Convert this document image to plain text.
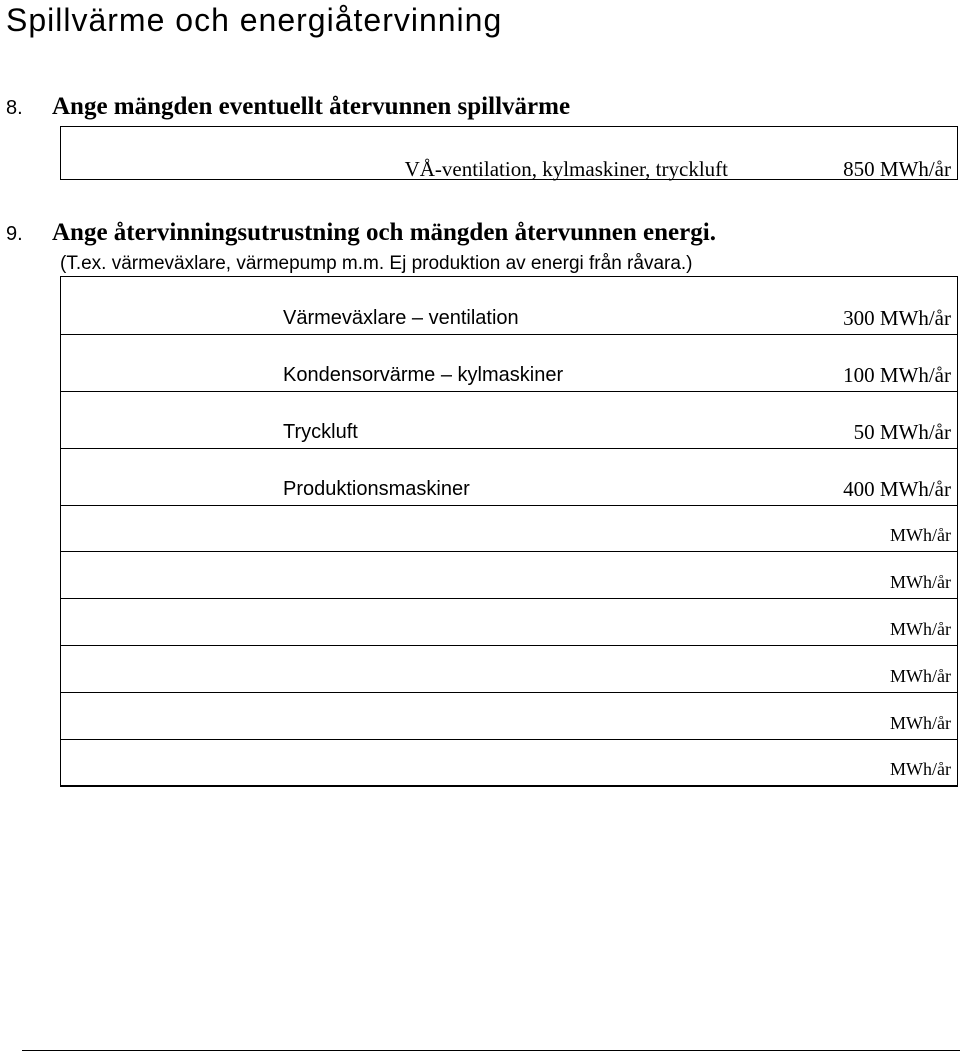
Spillvärme och energiåtervinning
8. Ange mängden eventuellt återvunnen spillvärme
VÅ-ventilation, kylmaskiner, tryckluft	850 MWh/år
9. Ange återvinningsutrustning och mängden återvunnen energi.
(T.ex. värmeväxlare, värmepump m.m. Ej produktion av energi från råvara.)
Värmeväxlare – ventilation	300 MWh/år
Kondensorvärme – kylmaskiner	100 MWh/år
Tryckluft	50 MWh/år
Produktionsmaskiner	400 MWh/år
MWh/år
MWh/år
MWh/år
MWh/år
MWh/år
MWh/år
